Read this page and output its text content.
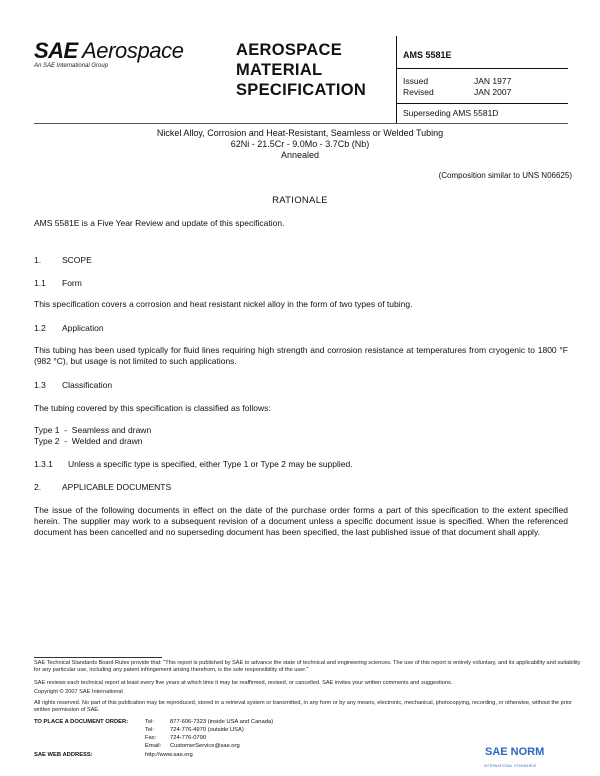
SAE Aerospace
An SAE International Group
AEROSPACE
MATERIAL
SPECIFICATION
AMS 5581E
Issued	JAN 1977
Revised	JAN 2007
Superseding AMS 5581D
Nickel Alloy, Corrosion and Heat-Resistant, Seamless or Welded Tubing
62Ni - 21.5Cr - 9.0Mo - 3.7Cb (Nb)
Annealed
(Composition similar to UNS N06625)
RATIONALE
AMS 5581E is a Five Year Review and update of this specification.
1. SCOPE
1.1 Form
This specification covers a corrosion and heat resistant nickel alloy in the form of two types of tubing.
1.2 Application
This tubing has been used typically for fluid lines requiring high strength and corrosion resistance at temperatures from cryogenic to 1800 °F (982 °C), but usage is not limited to such applications.
1.3 Classification
The tubing covered by this specification is classified as follows:
Type 1  -  Seamless and drawn
Type 2  -  Welded and drawn
1.3.1 Unless a specific type is specified, either Type 1 or Type 2 may be supplied.
2. APPLICABLE DOCUMENTS
The issue of the following documents in effect on the date of the purchase order forms a part of this specification to the extent specified herein. The supplier may work to a subsequent revision of a document unless a specific document issue is specified. When the referenced document has been cancelled and no superseding document has been specified, the last published issue of that document shall apply.
SAE Technical Standards Board Rules provide that: "This report is published by SAE to advance the state of technical and engineering sciences. The use of this report is entirely voluntary, and its applicability and suitability for any particular use, including any patent infringement arising therefrom, is the sole responsibility of the user."
SAE reviews each technical report at least every five years at which time it may be reaffirmed, revised, or cancelled. SAE invites your written comments and suggestions.
Copyright © 2007 SAE International
All rights reserved. No part of this publication may be reproduced, stored in a retrieval system or transmitted, in any form or by any means, electronic, mechanical, photocopying, recording, or otherwise, without the prior written permission of SAE.
TO PLACE A DOCUMENT ORDER:	Tel:	877-606-7323 (inside USA and Canada)
Tel:	724-776-4970 (outside USA)
Fax: 724-776-0790
Email: CustomerService@sae.org
SAE WEB ADDRESS:	http://www.sae.org	SAE NORM
INTERNATIONAL STANDARDS
